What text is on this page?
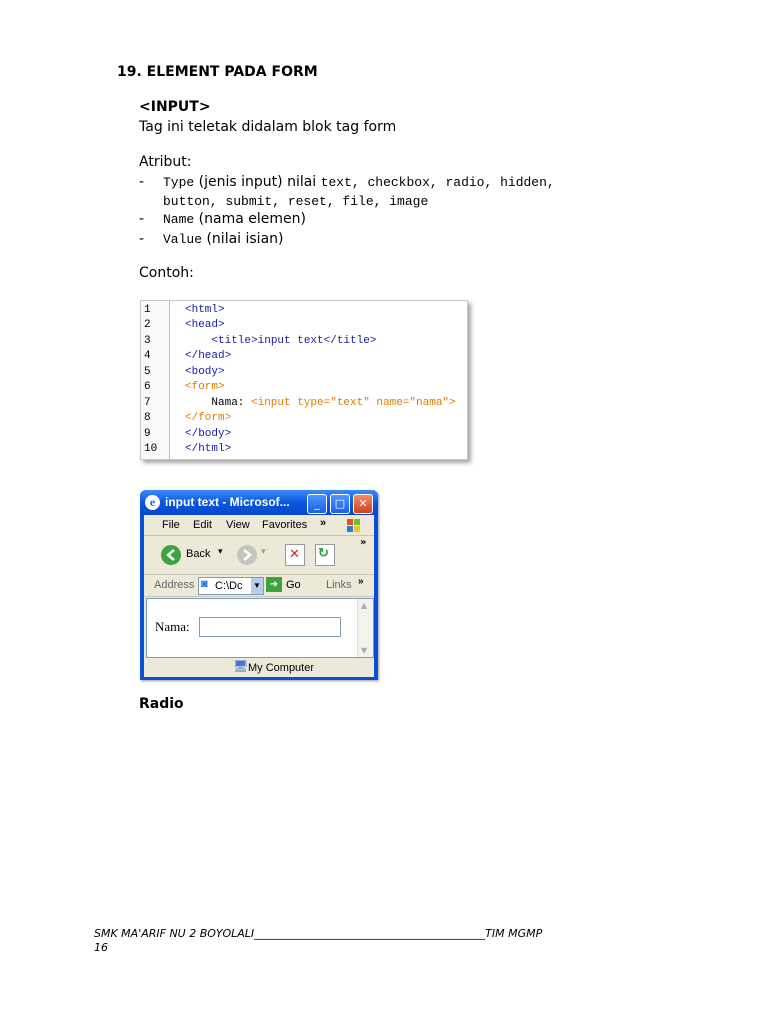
19. ELEMENT PADA FORM
<INPUT>
Tag ini teletak didalam blok tag form
Atribut:
- Type (jenis input) nilai text, checkbox, radio, hidden,
button, submit, reset, file, image
- Name (nama elemen)
- Value (nilai isian)
Contoh:
1	<html>
2	<head>
3	<title>input text</title>
4	</head>
5	<body>
6	<form>
7	Nama: <input type="text" name="nama">
8	</form>
9	</body>
10	</html>
e input text - Microsof...	_	□	✕
File Edit View Favorites »
Back ▾	▾ ✕ ↻
»
Address ◙ C:\Dc ▼ ➜ Go Links »
Nama:
▲
▼
🖥 My Computer
Radio
SMK MA'ARIF NU 2 BOYOLALI__________________________________________TIM MGMP
16
